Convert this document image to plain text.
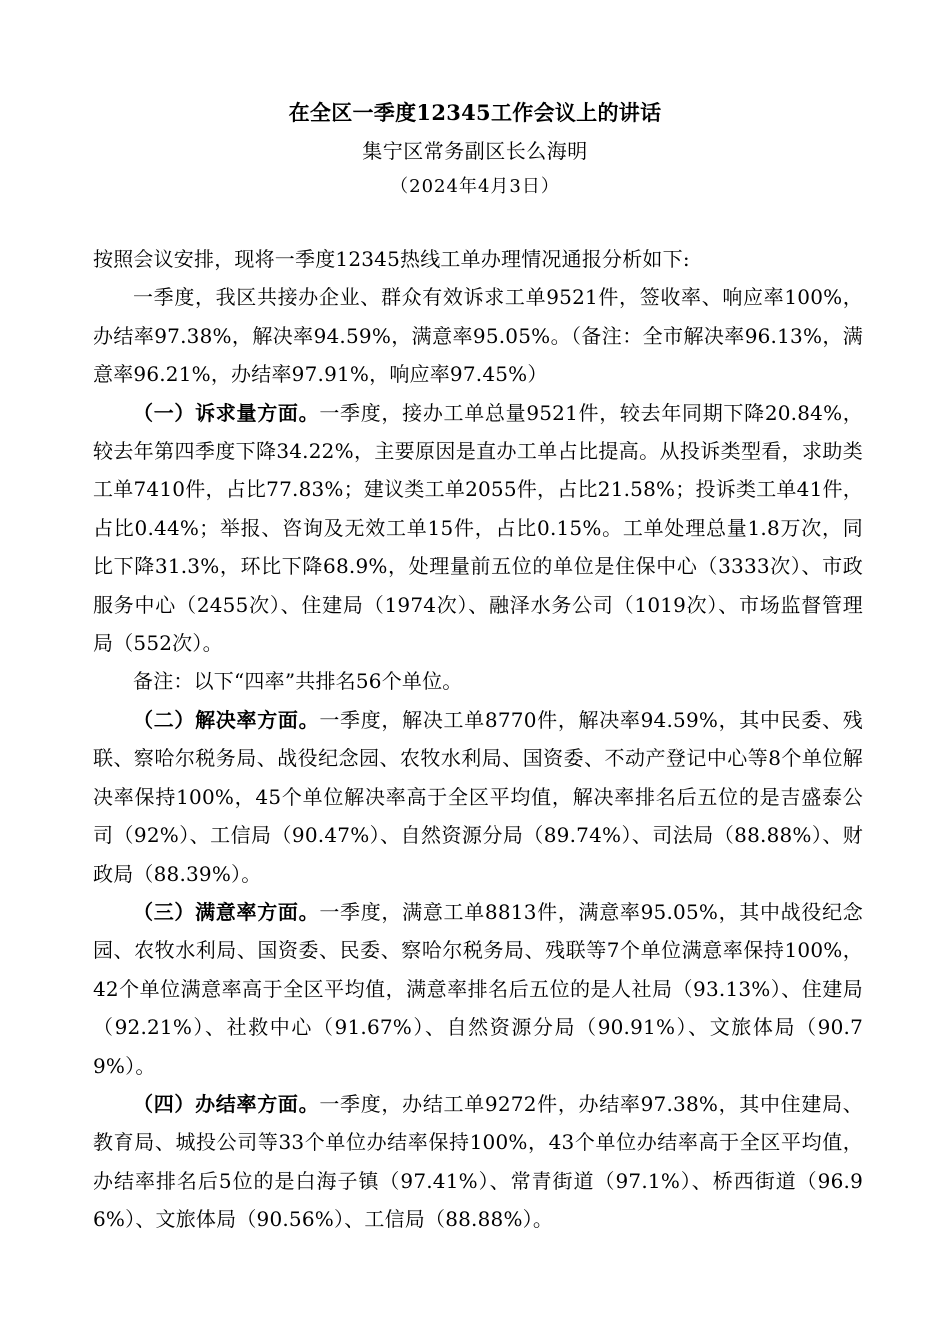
在全区一季度12345工作会议上的讲话
集宁区常务副区长么海明
（2024年4月3日）

按照会议安排，现将一季度12345热线工单办理情况通报分析如下:

一季度，我区共接办企业、群众有效诉求工单9521件，签收率、响应率100%，办结率97.38%，解决率94.59%，满意率95.05%。（备注：全市解决率96.13%，满意率96.21%，办结率97.91%，响应率97.45%）

（一）诉求量方面。一季度，接办工单总量9521件，较去年同期下降20.84%，较去年第四季度下降34.22%，主要原因是直办工单占比提高。从投诉类型看，求助类工单7410件，占比77.83%；建议类工单2055件，占比21.58%；投诉类工单41件，占比0.44%；举报、咨询及无效工单15件，占比0.15%。工单处理总量1.8万次，同比下降31.3%，环比下降68.9%，处理量前五位的单位是住保中心（3333次）、市政服务中心（2455次）、住建局（1974次）、融泽水务公司（1019次）、市场监督管理局（552次）。

备注：以下“四率”共排名56个单位。

（二）解决率方面。一季度，解决工单8770件，解决率94.59%，其中民委、残联、察哈尔税务局、战役纪念园、农牧水利局、国资委、不动产登记中心等8个单位解决率保持100%，45个单位解决率高于全区平均值，解决率排名后五位的是吉盛泰公司（92%）、工信局（90.47%）、自然资源分局（89.74%）、司法局（88.88%）、财政局（88.39%）。

（三）满意率方面。一季度，满意工单8813件，满意率95.05%，其中战役纪念园、农牧水利局、国资委、民委、察哈尔税务局、残联等7个单位满意率保持100%，42个单位满意率高于全区平均值，满意率排名后五位的是人社局（93.13%）、住建局（92.21%）、社救中心（91.67%）、自然资源分局（90.91%）、文旅体局（90.79%）。

（四）办结率方面。一季度，办结工单9272件，办结率97.38%，其中住建局、教育局、城投公司等33个单位办结率保持100%，43个单位办结率高于全区平均值，办结率排名后5位的是白海子镇（97.41%）、常青街道（97.1%）、桥西街道（96.96%）、文旅体局（90.56%）、工信局（88.88%）。
